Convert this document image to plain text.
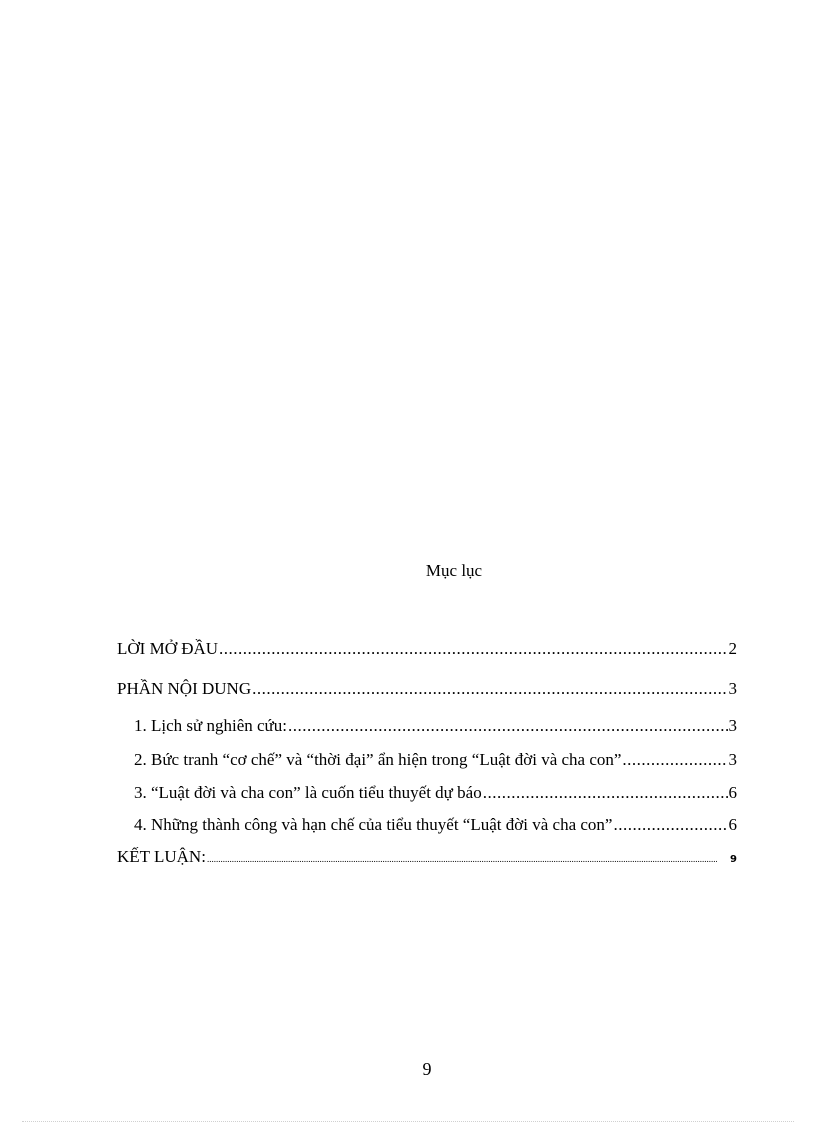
Mục lục
LỜI MỞ ĐẦU .....	2
PHẦN NỘI DUNG .....	3
1. Lịch sử nghiên cứu: .....	3
2. Bức tranh “cơ chế” và “thời đại” ẩn hiện trong “Luật đời và cha con” .....	3
3. “Luật đời và cha con” là cuốn tiểu thuyết dự báo .....	6
4. Những thành công và hạn chế của tiểu thuyết “Luật đời và cha con” .....	6
KẾT LUẬN: .....	9
9
